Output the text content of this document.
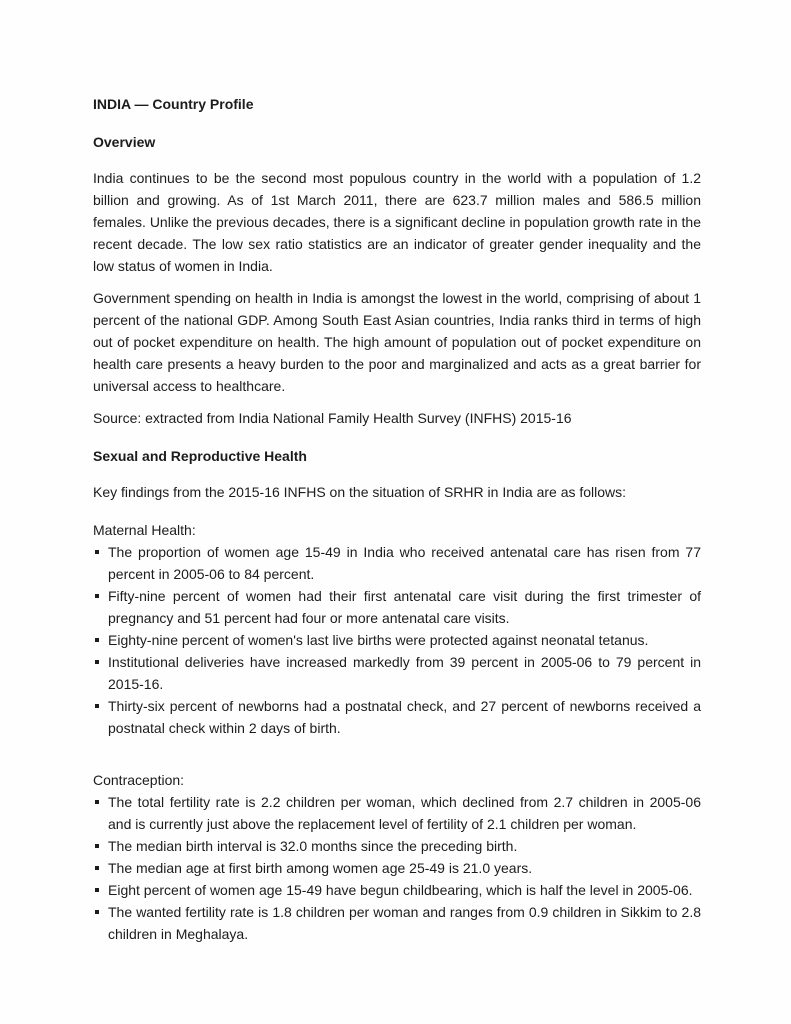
INDIA — Country Profile
Overview
India continues to be the second most populous country in the world with a population of 1.2 billion and growing. As of 1st March 2011, there are 623.7 million males and 586.5 million females. Unlike the previous decades, there is a significant decline in population growth rate in the recent decade. The low sex ratio statistics are an indicator of greater gender inequality and the low status of women in India.
Government spending on health in India is amongst the lowest in the world, comprising of about 1 percent of the national GDP. Among South East Asian countries, India ranks third in terms of high out of pocket expenditure on health. The high amount of population out of pocket expenditure on health care presents a heavy burden to the poor and marginalized and acts as a great barrier for universal access to healthcare.
Source: extracted from India National Family Health Survey (INFHS) 2015-16
Sexual and Reproductive Health
Key findings from the 2015-16 INFHS on the situation of SRHR in India are as follows:
Maternal Health:
The proportion of women age 15-49 in India who received antenatal care has risen from 77 percent in 2005-06 to 84 percent.
Fifty-nine percent of women had their first antenatal care visit during the first trimester of pregnancy and 51 percent had four or more antenatal care visits.
Eighty-nine percent of women's last live births were protected against neonatal tetanus.
Institutional deliveries have increased markedly from 39 percent in 2005-06 to 79 percent in 2015-16.
Thirty-six percent of newborns had a postnatal check, and 27 percent of newborns received a postnatal check within 2 days of birth.
Contraception:
The total fertility rate is 2.2 children per woman, which declined from 2.7 children in 2005-06 and is currently just above the replacement level of fertility of 2.1 children per woman.
The median birth interval is 32.0 months since the preceding birth.
The median age at first birth among women age 25-49 is 21.0 years.
Eight percent of women age 15-49 have begun childbearing, which is half the level in 2005-06.
The wanted fertility rate is 1.8 children per woman and ranges from 0.9 children in Sikkim to 2.8 children in Meghalaya.
